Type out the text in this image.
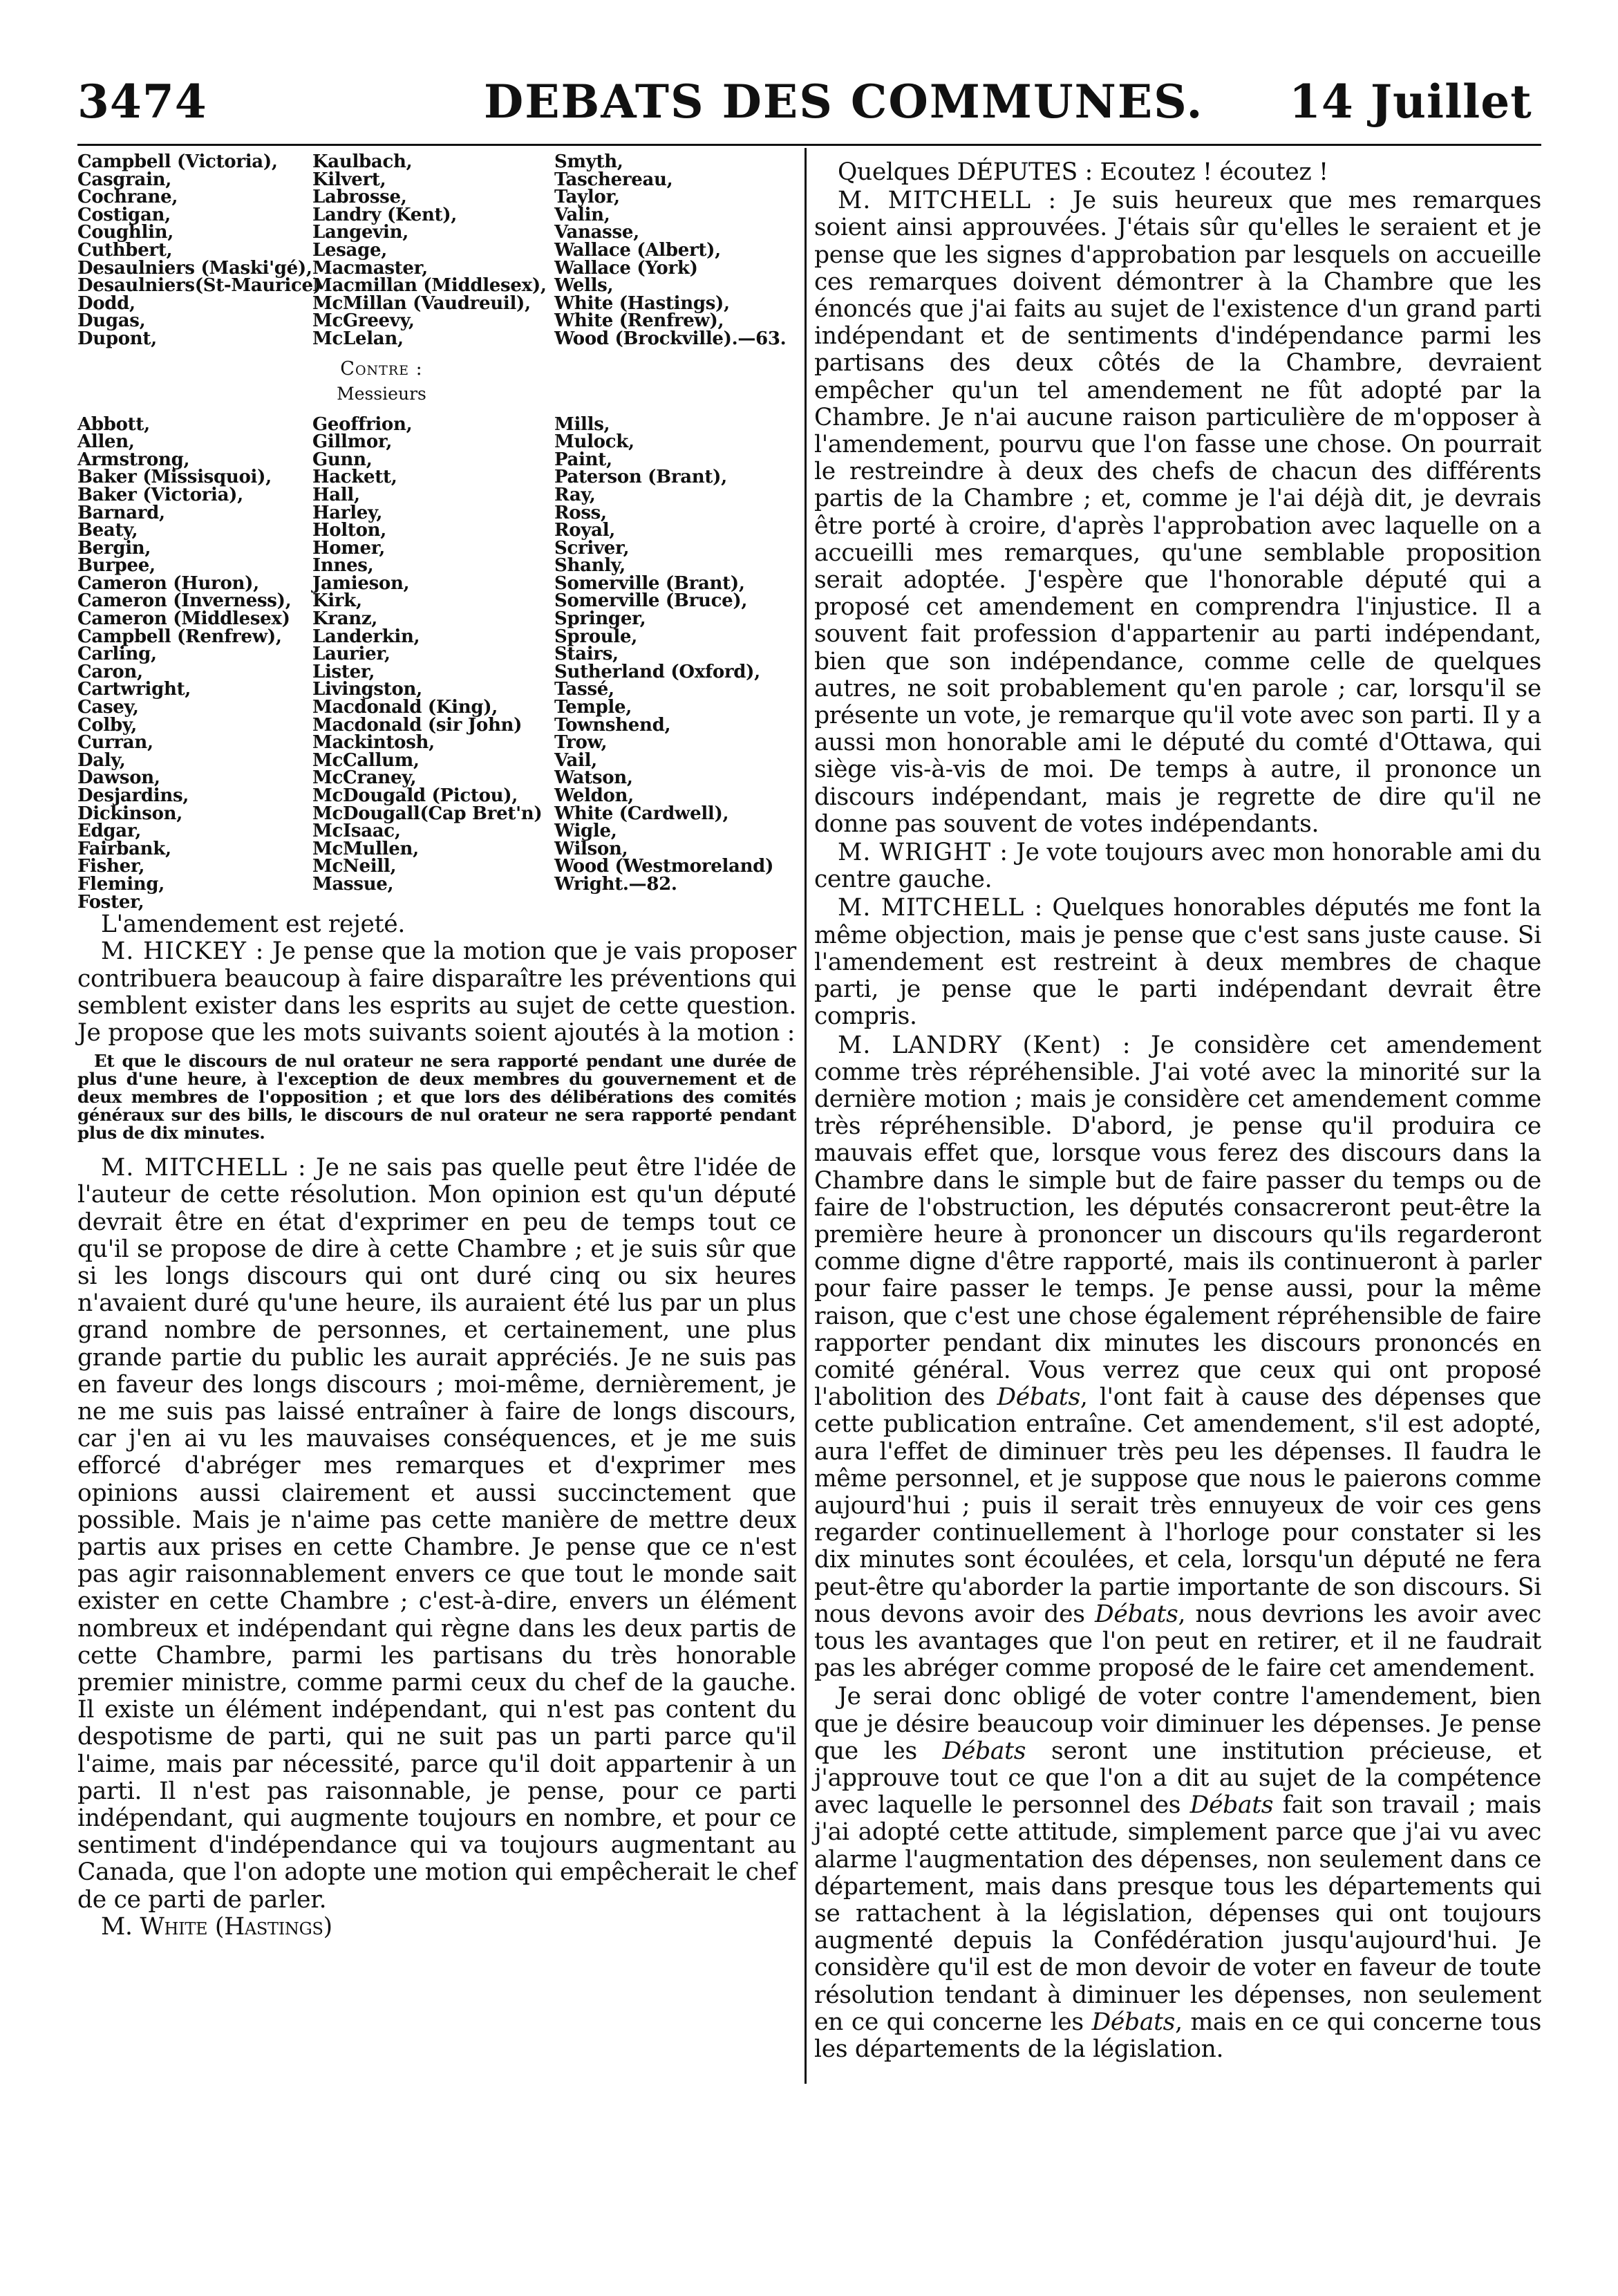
3474	DEBATS DES COMMUNES. 14 Juillet
Campbell (Victoria),
Casgrain,
Cochrane,
Costigan,
Coughlin,
Cuthbert,
Desaulniers (Maski'gé),
Desaulniers(St-Maurice)
Dodd,
Dugas,
Dupont,
Kaulbach,
Kilvert,
Labrosse,
Landry (Kent),
Langevin,
Lesage,
Macmaster,
Macmillan (Middlesex),
McMillan (Vaudreuil),
McGreevy,
McLelan,
Smyth,
Taschereau,
Taylor,
Valin,
Vanasse,
Wallace (Albert),
Wallace (York)
Wells,
White (Hastings),
White (Renfrew),
Wood (Brockville).—63.
Contre :
Messieurs
Abbott,
Allen,
Armstrong,
Baker (Missisquoi),
Baker (Victoria),
Barnard,
Beaty,
Bergin,
Burpee,
Cameron (Huron),
Cameron (Inverness),
Cameron (Middlesex)
Campbell (Renfrew),
Carling,
Caron,
Cartwright,
Casey,
Colby,
Curran,
Daly,
Dawson,
Desjardins,
Dickinson,
Edgar,
Fairbank,
Fisher,
Fleming,
Foster,
Geoffrion,
Gillmor,
Gunn,
Hackett,
Hall,
Harley,
Holton,
Homer,
Innes,
Jamieson,
Kirk,
Kranz,
Landerkin,
Laurier,
Lister,
Livingston,
Macdonald (King),
Macdonald (sir John)
Mackintosh,
McCallum,
McCraney,
McDougald (Pictou),
McDougall(Cap Bret'n)
McIsaac,
McMullen,
McNeill,
Massue,
Mills,
Mulock,
Paint,
Paterson (Brant),
Ray,
Ross,
Royal,
Scriver,
Shanly,
Somerville (Brant),
Somerville (Bruce),
Springer,
Sproule,
Stairs,
Sutherland (Oxford),
Tassé,
Temple,
Townshend,
Trow,
Vail,
Watson,
Weldon,
White (Cardwell),
Wigle,
Wilson,
Wood (Westmoreland)
Wright.—82.

L'amendement est rejeté.

M. HICKEY : Je pense que la motion que je vais proposer contribuera beaucoup à faire disparaître les préventions qui semblent exister dans les esprits au sujet de cette question. Je propose que les mots suivants soient ajoutés à la motion :

Et que le discours de nul orateur ne sera rapporté pendant une durée de plus d'une heure, à l'exception de deux membres du gouvernement et de deux membres de l'opposition ; et que lors des délibérations des comités généraux sur des bills, le discours de nul orateur ne sera rapporté pendant plus de dix minutes.

M. MITCHELL : Je ne sais pas quelle peut être l'idée de l'auteur de cette résolution. Mon opinion est qu'un député devrait être en état d'exprimer en peu de temps tout ce qu'il se propose de dire à cette Chambre ; et je suis sûr que si les longs discours qui ont duré cinq ou six heures n'avaient duré qu'une heure, ils auraient été lus par un plus grand nombre de personnes, et certainement, une plus grande partie du public les aurait appréciés. Je ne suis pas en faveur des longs discours ; moi-même, dernièrement, je ne me suis pas laissé entraîner à faire de longs discours, car j'en ai vu les mauvaises conséquences, et je me suis efforcé d'abréger mes remarques et d'exprimer mes opinions aussi clairement et aussi succinctement que possible. Mais je n'aime pas cette manière de mettre deux partis aux prises en cette Chambre. Je pense que ce n'est pas agir raisonnablement envers ce que tout le monde sait exister en cette Chambre ; c'est-à-dire, envers un élément nombreux et indépendant qui règne dans les deux partis de cette Chambre, parmi les partisans du très honorable premier ministre, comme parmi ceux du chef de la gauche. Il existe un élément indépendant, qui n'est pas content du despotisme de parti, qui ne suit pas un parti parce qu'il l'aime, mais par nécessité, parce qu'il doit appartenir à un parti. Il n'est pas raisonnable, je pense, pour ce parti indépendant, qui augmente toujours en nombre, et pour ce sentiment d'indépendance qui va toujours augmentant au Canada, que l'on adopte une motion qui empêcherait le chef de ce parti de parler.

M. White (Hastings)

Quelques DÉPUTES : Ecoutez ! écoutez !

M. MITCHELL : Je suis heureux que mes remarques soient ainsi approuvées. J'étais sûr qu'elles le seraient et je pense que les signes d'approbation par lesquels on accueille ces remarques doivent démontrer à la Chambre que les énoncés que j'ai faits au sujet de l'existence d'un grand parti indépendant et de sentiments d'indépendance parmi les partisans des deux côtés de la Chambre, devraient empêcher qu'un tel amendement ne fût adopté par la Chambre. Je n'ai aucune raison particulière de m'opposer à l'amendement, pourvu que l'on fasse une chose. On pourrait le restreindre à deux des chefs de chacun des différents partis de la Chambre ; et, comme je l'ai déjà dit, je devrais être porté à croire, d'après l'approbation avec laquelle on a accueilli mes remarques, qu'une semblable proposition serait adoptée. J'espère que l'honorable député qui a proposé cet amendement en comprendra l'injustice. Il a souvent fait profession d'appartenir au parti indépendant, bien que son indépendance, comme celle de quelques autres, ne soit probablement qu'en parole ; car, lorsqu'il se présente un vote, je remarque qu'il vote avec son parti. Il y a aussi mon honorable ami le député du comté d'Ottawa, qui siège vis-à-vis de moi. De temps à autre, il prononce un discours indépendant, mais je regrette de dire qu'il ne donne pas souvent de votes indépendants.

M. WRIGHT : Je vote toujours avec mon honorable ami du centre gauche.

M. MITCHELL : Quelques honorables députés me font la même objection, mais je pense que c'est sans juste cause. Si l'amendement est restreint à deux membres de chaque parti, je pense que le parti indépendant devrait être compris.

M. LANDRY (Kent) : Je considère cet amendement comme très répréhensible. J'ai voté avec la minorité sur la dernière motion ; mais je considère cet amendement comme très répréhensible. D'abord, je pense qu'il produira ce mauvais effet que, lorsque vous ferez des discours dans la Chambre dans le simple but de faire passer du temps ou de faire de l'obstruction, les députés consacreront peut-être la première heure à prononcer un discours qu'ils regarderont comme digne d'être rapporté, mais ils continueront à parler pour faire passer le temps. Je pense aussi, pour la même raison, que c'est une chose également répréhensible de faire rapporter pendant dix minutes les discours prononcés en comité général. Vous verrez que ceux qui ont proposé l'abolition des Débats, l'ont fait à cause des dépenses que cette publication entraîne. Cet amendement, s'il est adopté, aura l'effet de diminuer très peu les dépenses. Il faudra le même personnel, et je suppose que nous le paierons comme aujourd'hui ; puis il serait très ennuyeux de voir ces gens regarder continuellement à l'horloge pour constater si les dix minutes sont écoulées, et cela, lorsqu'un député ne fera peut-être qu'aborder la partie importante de son discours. Si nous devons avoir des Débats, nous devrions les avoir avec tous les avantages que l'on peut en retirer, et il ne faudrait pas les abréger comme proposé de le faire cet amendement.

Je serai donc obligé de voter contre l'amendement, bien que je désire beaucoup voir diminuer les dépenses. Je pense que les Débats seront une institution précieuse, et j'approuve tout ce que l'on a dit au sujet de la compétence avec laquelle le personnel des Débats fait son travail ; mais j'ai adopté cette attitude, simplement parce que j'ai vu avec alarme l'augmentation des dépenses, non seulement dans ce département, mais dans presque tous les départements qui se rattachent à la législation, dépenses qui ont toujours augmenté depuis la Confédération jusqu'aujourd'hui. Je considère qu'il est de mon devoir de voter en faveur de toute résolution tendant à diminuer les dépenses, non seulement en ce qui concerne les Débats, mais en ce qui concerne tous les départements de la législation.
